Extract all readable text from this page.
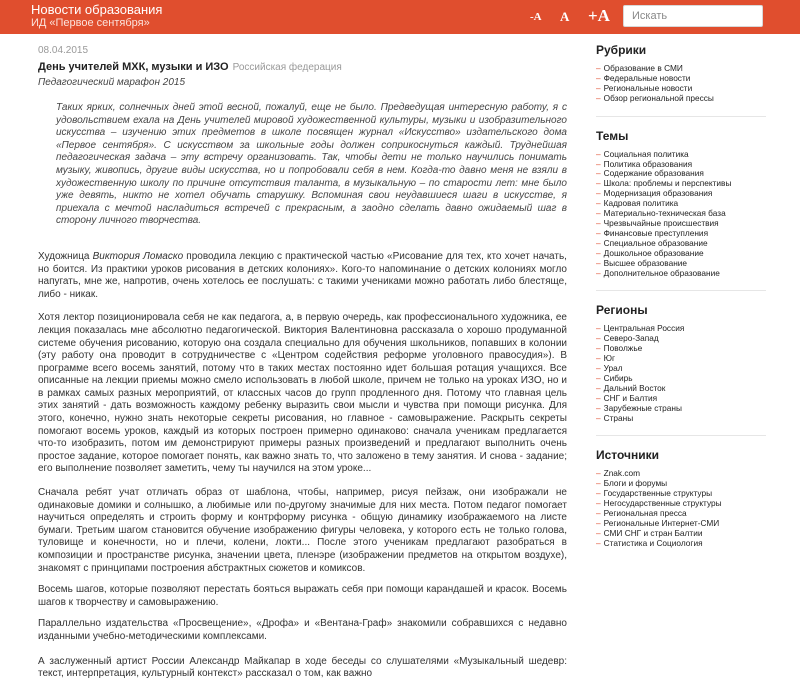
Новости образования
ИД «Первое сентября»	-A A +A
Искать
08.04.2015
День учителей МХК, музыки и ИЗО Российская федерация
Педагогический марафон 2015
Таких ярких, солнечных дней этой весной, пожалуй, еще не было. Предведущая интересную работу, я с удовольствием ехала на День учителей мировой художественной культуры, музыки и изобразительного искусства – изучению этих предметов в школе посвящен журнал «Искусство» издательского дома «Первое сентября». С искусством за школьные годы должен соприкоснуться каждый. Труднейшая педагогическая задача – эту встречу организовать. Так, чтобы дети не только научились понимать музыку, живопись, другие виды искусства, но и попробовали себя в нем. Когда-то давно меня не взяли в художественную школу по причине отсутствия таланта, в музыкальную – по старости лет: мне было уже девять, никто не хотел обучать старушку. Вспоминая свои неудавшиеся шаги в искусстве, я приехала с мечтой насладиться встречей с прекрасным, а заодно сделать давно ожидаемый шаг в сторону личного творчества.

Художница Виктория Ломаско проводила лекцию с практической частью «Рисование для тех, кто хочет начать, но боится. Из практики уроков рисования в детских колониях». Кого-то напоминание о детских колониях могло напугать, мне же, напротив, очень хотелось ее послушать: с такими учениками можно работать либо блестяще, либо - никак.

Хотя лектор позиционировала себя не как педагога, а, в первую очередь, как профессионального художника, ее лекция показалась мне абсолютно педагогической. Виктория Валентиновна рассказала о хорошо продуманной системе обучения рисованию, которую она создала специально для обучения школьников, попавших в колонии (эту работу она проводит в сотрудничестве с «Центром содействия реформе уголовного правосудия»). В программе всего восемь занятий, потому что в таких местах постоянно идет большая ротация учащихся. Все описанные на лекции приемы можно смело использовать в любой школе, причем не только на уроках ИЗО, но и в рамках самых разных мероприятий, от классных часов до групп продленного дня. Потому что главная цель этих занятий - дать возможность каждому ребенку выразить свои мысли и чувства при помощи рисунка. Для этого, конечно, нужно знать некоторые секреты рисования, но главное - самовыражение. Раскрыть секреты помогают восемь уроков, каждый из которых построен примерно одинаково: сначала ученикам предлагается что-то изобразить, потом им демонстрируют примеры разных произведений и предлагают выполнить очень простое задание, которое помогает понять, как важно знать то, что заложено в тему занятия. И снова - задание; его выполнение позволяет заметить, чему ты научился на этом уроке...

Сначала ребят учат отличать образ от шаблона, чтобы, например, рисуя пейзаж, они изображали не одинаковые домики и солнышко, а любимые или по-другому значимые для них места. Потом педагог помогает научиться определять и строить форму и контрформу рисунка - общую динамику изображаемого на листе бумаги. Третьим шагом становится обучение изображению фигуры человека, у которого есть не только голова, туловище и конечности, но и плечи, колени, локти... После этого ученикам предлагают разобраться в композиции и пространстве рисунка, значении цвета, пленэре (изображении предметов на открытом воздухе), знакомят с принципами построения абстрактных сюжетов и комиксов.

Восемь шагов, которые позволяют перестать бояться выражать себя при помощи карандашей и красок. Восемь шагов к творчеству и самовыражению.

Параллельно издательства «Просвещение», «Дрофа» и «Вентана-Граф» знакомили собравшихся с недавно изданными учебно-методическими комплексами.

А заслуженный артист России Александр Майкапар в ходе беседы со слушателями «Музыкальный шедевр: текст, интерпретация, культурный контекст» рассказал о том, как важно

Рубрики
– Образование в СМИ
– Федеральные новости
– Региональные новости
– Обзор региональной прессы
Темы
– Социальная политика
– Политика образования
– Содержание образования
– Школа: проблемы и перспективы
– Модернизация образования
– Кадровая политика
– Материально-техническая база
– Чрезвычайные происшествия
– Финансовые преступления
– Специальное образование
– Дошкольное образование
– Высшее образование
– Дополнительное образование
Регионы
– Центральная Россия
– Северо-Запад
– Поволжье
– Юг
– Урал
– Сибирь
– Дальний Восток
– СНГ и Балтия
– Зарубежные страны
– Страны
Источники
– Znak.com
– Блоги и форумы
– Государственные структуры
– Негосударственные структуры
– Региональная пресса
– Региональные Интернет-СМИ
– СМИ СНГ и стран Балтии
– Статистика и Социология
